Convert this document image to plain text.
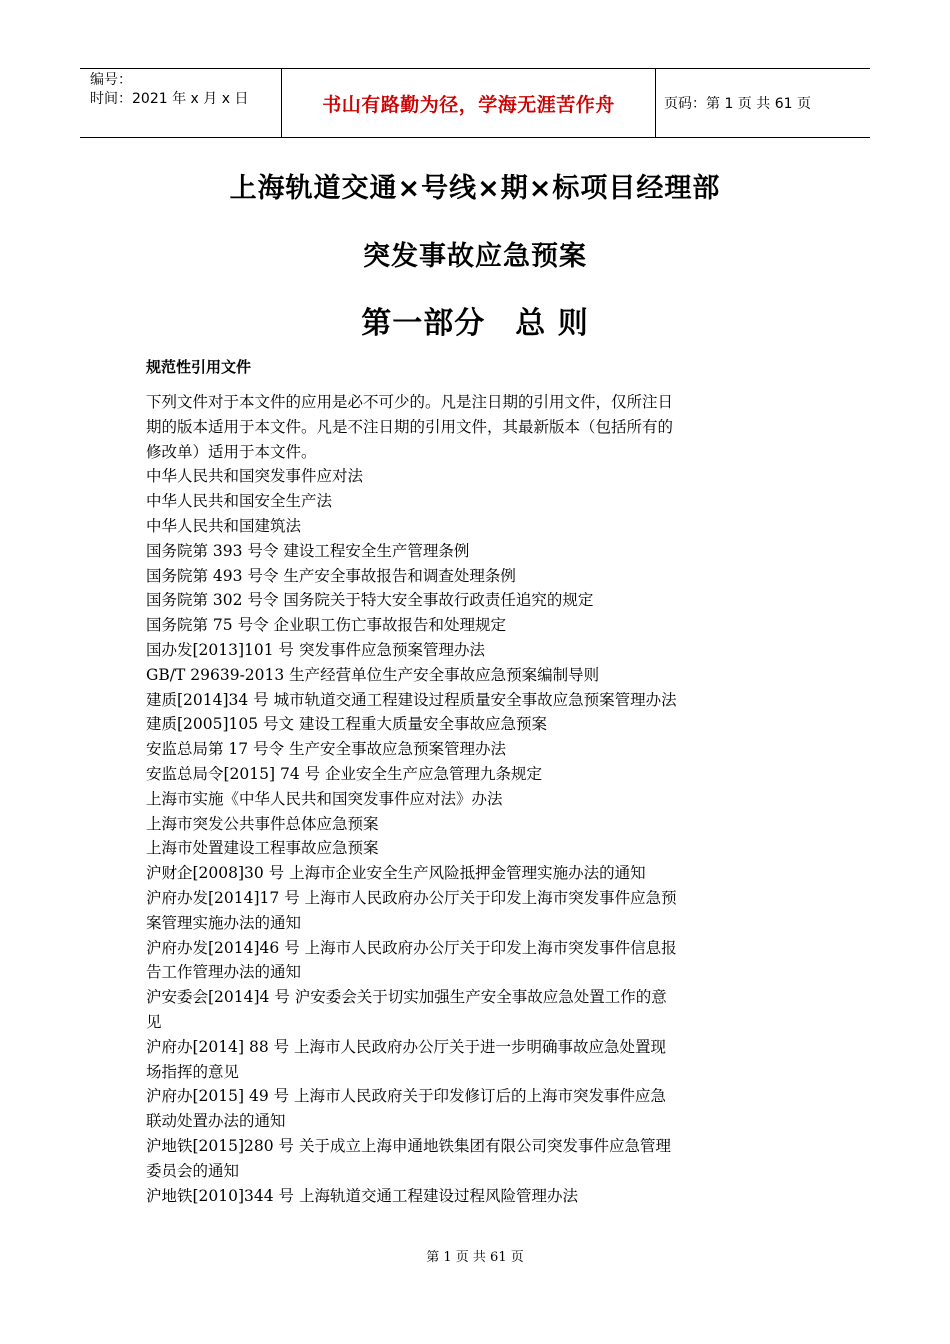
编号：
时间：2021 年 x 月 x 日	书山有路勤为径，学海无涯苦作舟	页码：第 1 页 共 61 页
上海轨道交通×号线×期×标项目经理部
突发事故应急预案
第一部分 总 则
规范性引用文件
下列文件对于本文件的应用是必不可少的。凡是注日期的引用文件，仅所注日
期的版本适用于本文件。凡是不注日期的引用文件，其最新版本（包括所有的
修改单）适用于本文件。
中华人民共和国突发事件应对法
中华人民共和国安全生产法
中华人民共和国建筑法
国务院第 393 号令 建设工程安全生产管理条例
国务院第 493 号令 生产安全事故报告和调查处理条例
国务院第 302 号令 国务院关于特大安全事故行政责任追究的规定
国务院第 75 号令 企业职工伤亡事故报告和处理规定
国办发[2013]101 号 突发事件应急预案管理办法
GB/T 29639-2013 生产经营单位生产安全事故应急预案编制导则
建质[2014]34 号 城市轨道交通工程建设过程质量安全事故应急预案管理办法
建质[2005]105 号文 建设工程重大质量安全事故应急预案
安监总局第 17 号令 生产安全事故应急预案管理办法
安监总局令[2015] 74 号 企业安全生产应急管理九条规定
上海市实施《中华人民共和国突发事件应对法》办法
上海市突发公共事件总体应急预案
上海市处置建设工程事故应急预案
沪财企[2008]30 号 上海市企业安全生产风险抵押金管理实施办法的通知
沪府办发[2014]17 号 上海市人民政府办公厅关于印发上海市突发事件应急预
案管理实施办法的通知
沪府办发[2014]46 号 上海市人民政府办公厅关于印发上海市突发事件信息报
告工作管理办法的通知
沪安委会[2014]4 号 沪安委会关于切实加强生产安全事故应急处置工作的意
见
沪府办[2014] 88 号 上海市人民政府办公厅关于进一步明确事故应急处置现
场指挥的意见
沪府办[2015] 49 号 上海市人民政府关于印发修订后的上海市突发事件应急
联动处置办法的通知
沪地铁[2015]280 号 关于成立上海申通地铁集团有限公司突发事件应急管理
委员会的通知
沪地铁[2010]344 号 上海轨道交通工程建设过程风险管理办法
第 1 页 共 61 页
